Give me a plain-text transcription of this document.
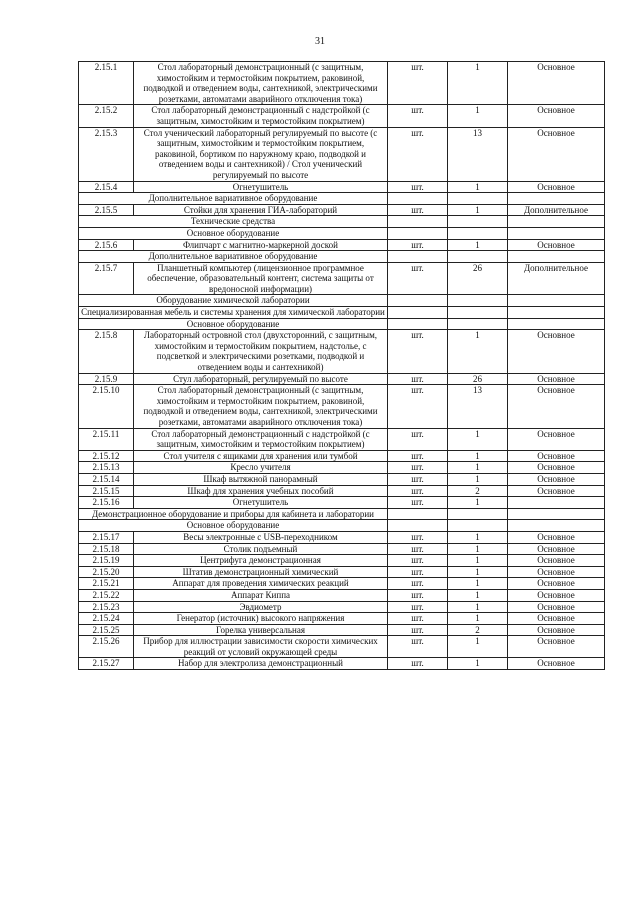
31
2.15.1	Стол лабораторный демонстрационный (с защитным, химостойким и термостойким покрытием, раковиной, подводкой и отведением воды, сантехникой, электрическими розетками, автоматами аварийного отключения тока)	шт.	1	Основное
2.15.2	Стол лабораторный демонстрационный с надстройкой (с защитным, химостойким и термостойким покрытием)	шт.	1	Основное
2.15.3	Стол ученический лабораторный регулируемый по высоте (с защитным, химостойким и термостойким покрытием, раковиной, бортиком по наружному краю, подводкой и отведением воды и сантехникой) / Стол ученический регулируемый по высоте	шт.	13	Основное
2.15.4	Огнетушитель	шт.	1	Основное
Дополнительное вариативное оборудование				
2.15.5	Стойки для хранения ГИА-лабораторий	шт.	1	Дополнительное
Технические средства				
Основное оборудование				
2.15.6	Флипчарт с магнитно-маркерной доской	шт.	1	Основное
Дополнительное вариативное оборудование				
2.15.7	Планшетный компьютер (лицензионное программное обеспечение, образовательный контент, система защиты от вредоносной информации)	шт.	26	Дополнительное
Оборудование химической лаборатории				
Специализированная мебель и системы хранения для химической лаборатории				
Основное оборудование				
2.15.8	Лабораторный островной стол (двухсторонний, с защитным, химостойким и термостойким покрытием, надстолье, с подсветкой и электрическими розетками, подводкой и отведением воды и сантехникой)	шт.	1	Основное
2.15.9	Стул лабораторный, регулируемый по высоте	шт.	26	Основное
2.15.10	Стол лабораторный демонстрационный (с защитным, химостойким и термостойким покрытием, раковиной, подводкой и отведением воды, сантехникой, электрическими розетками, автоматами аварийного отключения тока)	шт.	13	Основное
2.15.11	Стол лабораторный демонстрационный с надстройкой (с защитным, химостойким и термостойким покрытием)	шт.	1	Основное
2.15.12	Стол учителя с ящиками для хранения или тумбой	шт.	1	Основное
2.15.13	Кресло учителя	шт.	1	Основное
2.15.14	Шкаф вытяжной панорамный	шт.	1	Основное
2.15.15	Шкаф для хранения учебных пособий	шт.	2	Основное
2.15.16	Огнетушитель	шт.	1	
Демонстрационное оборудование и приборы для кабинета и лаборатории				
Основное оборудование				
2.15.17	Весы электронные с USB-переходником	шт.	1	Основное
2.15.18	Столик подъемный	шт.	1	Основное
2.15.19	Центрифуга демонстрационная	шт.	1	Основное
2.15.20	Штатив демонстрационный химический	шт.	1	Основное
2.15.21	Аппарат для проведения химических реакций	шт.	1	Основное
2.15.22	Аппарат Киппа	шт.	1	Основное
2.15.23	Эвдиометр	шт.	1	Основное
2.15.24	Генератор (источник) высокого напряжения	шт.	1	Основное
2.15.25	Горелка универсальная	шт.	2	Основное
2.15.26	Прибор для иллюстрации зависимости скорости химических реакций от условий окружающей среды	шт.	1	Основное
2.15.27	Набор для электролиза демонстрационный	шт.	1	Основное
